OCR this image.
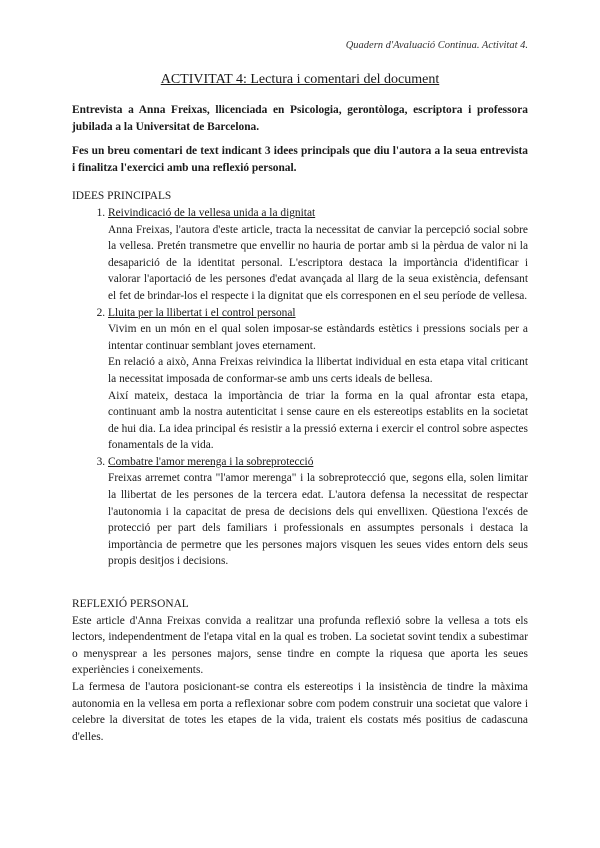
Quadern d'Avaluació Continua. Activitat 4.
ACTIVITAT 4: Lectura i comentari del document

Entrevista a Anna Freixas, llicenciada en Psicologia, gerontòloga, escriptora i professora jubilada a la Universitat de Barcelona.

Fes un breu comentari de text indicant 3 idees principals que diu l'autora a la seua entrevista i finalitza l'exercici amb una reflexió personal.

IDEES PRINCIPALS
1. Reivindicació de la vellesa unida a la dignitat

Anna Freixas, l'autora d'este article, tracta la necessitat de canviar la percepció social sobre la vellesa. Pretén transmetre que envellir no hauria de portar amb si la pèrdua de valor ni la desaparició de la identitat personal. L'escriptora destaca la importància d'identificar i valorar l'aportació de les persones d'edat avançada al llarg de la seua existència, defensant el fet de brindar-los el respecte i la dignitat que els corresponen en el seu període de vellesa.

2. Lluita per la llibertat i el control personal

Vivim en un món en el qual solen imposar-se estàndards estètics i pressions socials per a intentar continuar semblant joves eternament.

En relació a això, Anna Freixas reivindica la llibertat individual en esta etapa vital criticant la necessitat imposada de conformar-se amb uns certs ideals de bellesa.

Així mateix, destaca la importància de triar la forma en la qual afrontar esta etapa, continuant amb la nostra autenticitat i sense caure en els estereotips establits en la societat de hui dia. La idea principal és resistir a la pressió externa i exercir el control sobre aspectes fonamentals de la vida.

3. Combatre l'amor merenga i la sobreprotecció

Freixas arremet contra "l'amor merenga" i la sobreprotecció que, segons ella, solen limitar la llibertat de les persones de la tercera edat. L'autora defensa la necessitat de respectar l'autonomia i la capacitat de presa de decisions dels qui envellixen. Qüestiona l'excés de protecció per part dels familiars i professionals en assumptes personals i destaca la importància de permetre que les persones majors visquen les seues vides entorn dels seus propis desitjos i decisions.

REFLEXIÓ PERSONAL

Este article d'Anna Freixas convida a realitzar una profunda reflexió sobre la vellesa a tots els lectors, independentment de l'etapa vital en la qual es troben. La societat sovint tendix a subestimar o menysprear a les persones majors, sense tindre en compte la riquesa que aporta les seues experiències i coneixements.

La fermesa de l'autora posicionant-se contra els estereotips i la insistència de tindre la màxima autonomia en la vellesa em porta a reflexionar sobre com podem construir una societat que valore i celebre la diversitat de totes les etapes de la vida, traient els costats més positius de cadascuna d'elles.
